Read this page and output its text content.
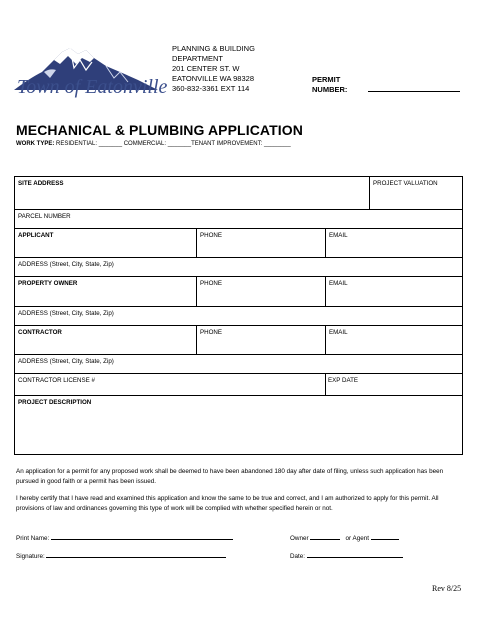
Town of Eatonville
PLANNING & BUILDING
DEPARTMENT
201 CENTER ST. W
EATONVILLE WA 98328
360-832-3361 EXT 114
PERMIT
NUMBER:
MECHANICAL & PLUMBING APPLICATION
WORK TYPE: RESIDENTIAL: _______ COMMERCIAL: _______TENANT IMPROVEMENT: ________
SITE ADDRESS	PROJECT VALUATION
PARCEL NUMBER
APPLICANT	PHONE	EMAIL
ADDRESS (Street, City, State, Zip)
PROPERTY OWNER	PHONE	EMAIL
ADDRESS (Street, City, State, Zip)
CONTRACTOR	PHONE	EMAIL
ADDRESS (Street, City, State, Zip)
CONTRACTOR LICENSE #	EXP DATE
PROJECT DESCRIPTION
An application for a permit for any proposed work shall be deemed to have been abandoned 180 day after date of filing, unless such application has been pursued in good faith or a permit has been issued.
I hereby certify that I have read and examined this application and know the same to be true and correct, and I am authorized to apply for this permit. All provisions of law and ordinances governing this type of work will be complied with whether specified herein or not.
Print Name:	Owner	or Agent
Signature:	Date:
Rev 8/25
